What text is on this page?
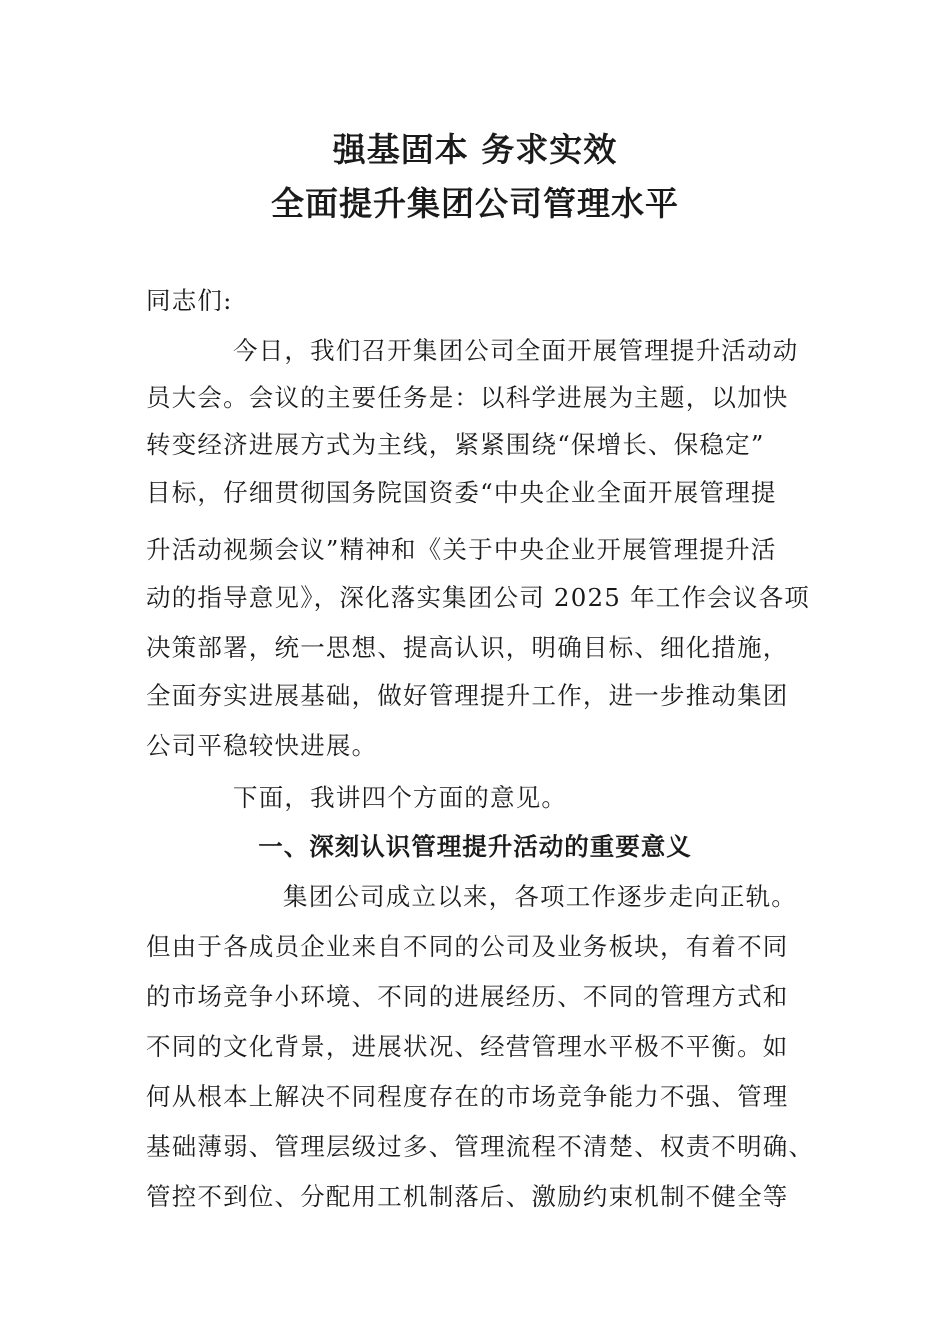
强基固本 务求实效
全面提升集团公司管理水平
同志们:
今日，我们召开集团公司全面开展管理提升活动动
员大会。会议的主要任务是：以科学进展为主题，以加快
转变经济进展方式为主线，紧紧围绕“保增长、保稳定”
目标，仔细贯彻国务院国资委“中央企业全面开展管理提
升活动视频会议”精神和《关于中央企业开展管理提升活
动的指导意见》，深化落实集团公司 2025 年工作会议各项
决策部署，统一思想、提高认识，明确目标、细化措施，
全面夯实进展基础，做好管理提升工作，进一步推动集团
公司平稳较快进展。
下面，我讲四个方面的意见。
一、深刻认识管理提升活动的重要意义
集团公司成立以来，各项工作逐步走向正轨。
但由于各成员企业来自不同的公司及业务板块，有着不同
的市场竞争小环境、不同的进展经历、不同的管理方式和
不同的文化背景，进展状况、经营管理水平极不平衡。如
何从根本上解决不同程度存在的市场竞争能力不强、管理
基础薄弱、管理层级过多、管理流程不清楚、权责不明确、
管控不到位、分配用工机制落后、激励约束机制不健全等
